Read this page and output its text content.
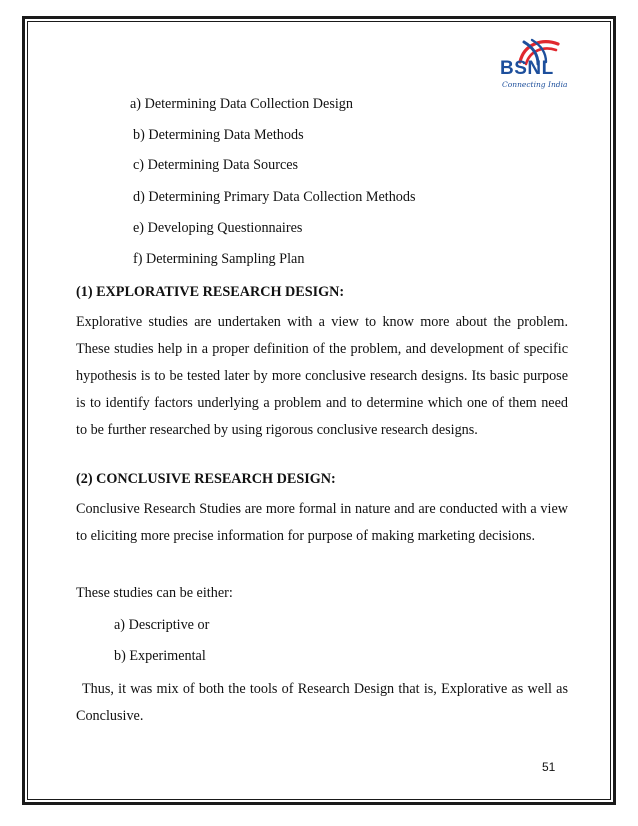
BSNL
Connecting India
a) Determining Data Collection Design
b) Determining Data Methods
c) Determining Data Sources
d) Determining Primary Data Collection Methods
e) Developing Questionnaires
f) Determining Sampling Plan
(1) EXPLORATIVE RESEARCH DESIGN:
Explorative studies are undertaken with a view to know more about the problem. These studies help in a proper definition of the problem, and development of specific hypothesis is to be tested later by more conclusive research designs. Its basic purpose is to identify factors underlying a problem and to determine which one of them need to be further researched by using rigorous conclusive research designs.
(2) CONCLUSIVE RESEARCH DESIGN:
Conclusive Research Studies are more formal in nature and are conducted with a view to eliciting more precise information for purpose of making marketing decisions.
These studies can be either:
a) Descriptive or
b) Experimental
Thus, it was mix of both the tools of Research Design that is, Explorative as well as Conclusive.
51
